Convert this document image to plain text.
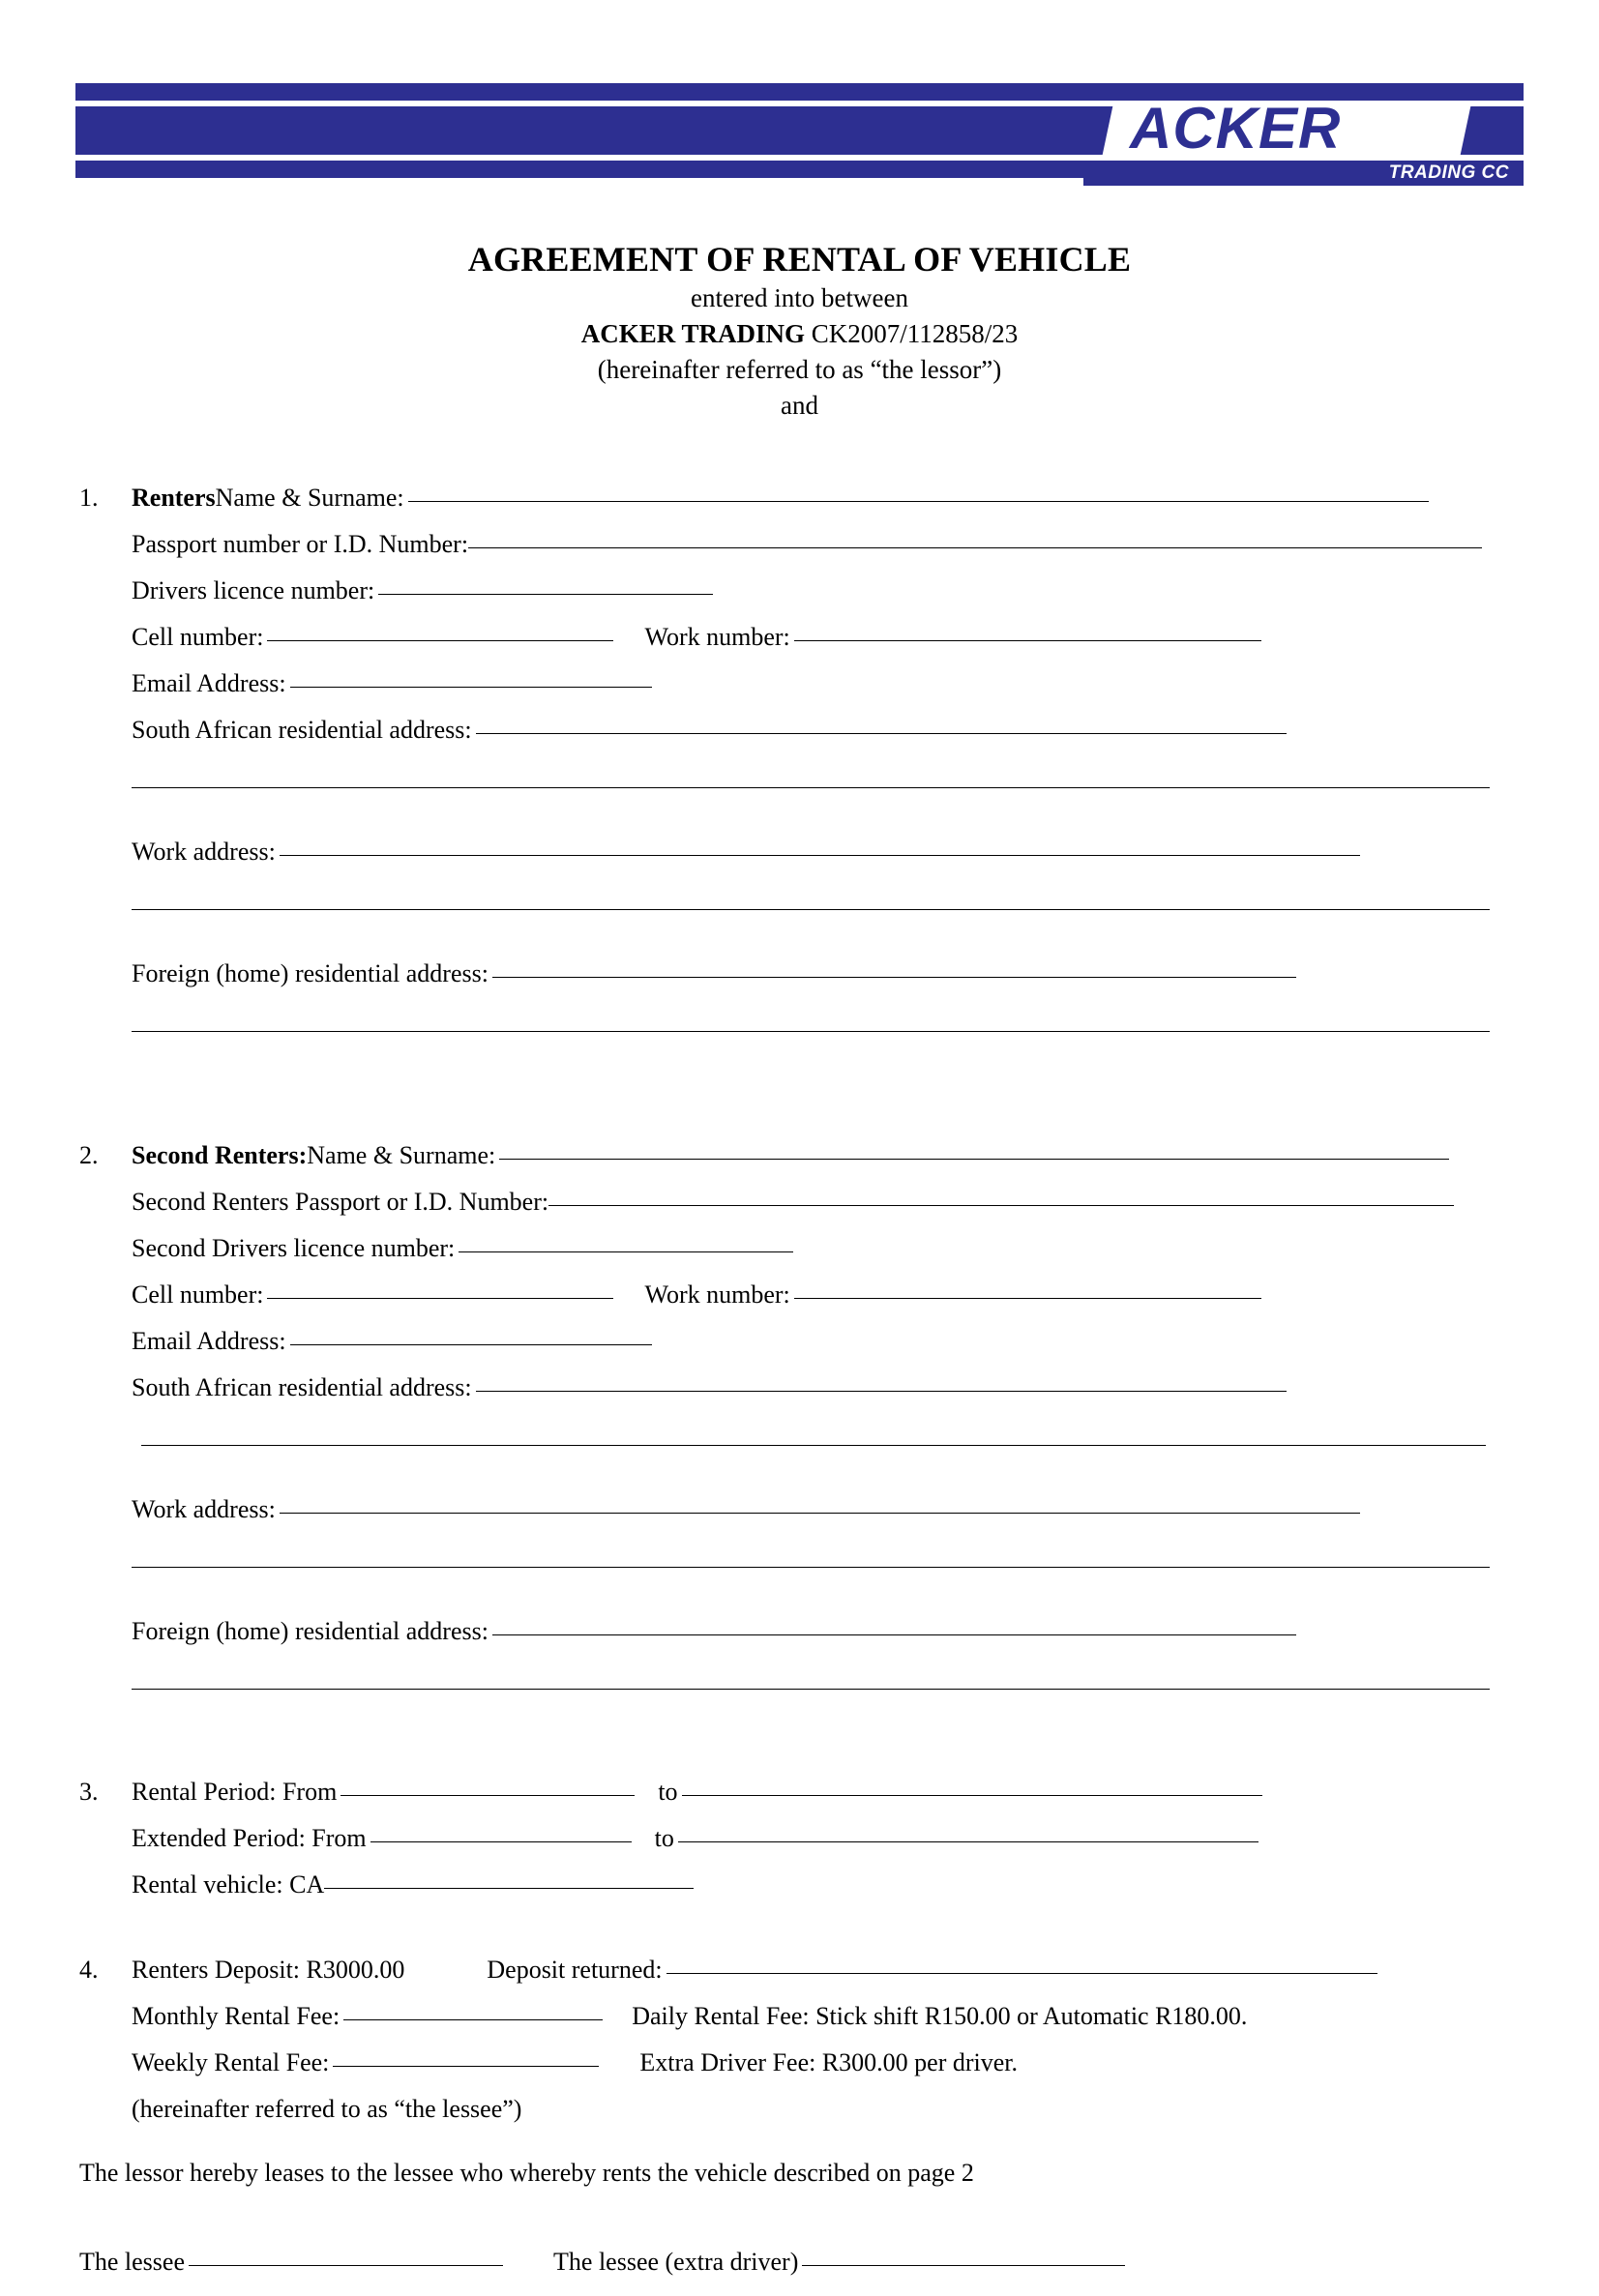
ACKER
TRADING CC
AGREEMENT OF RENTAL OF VEHICLE
entered into between
ACKER TRADING CK2007/112858/23
(hereinafter referred to as “the lessor”)
and
1.	Renters Name & Surname:
Passport number or I.D. Number:
Drivers licence number:
Cell number:	Work number:
Email Address:
South African residential address:
Work address:
Foreign (home) residential address:
2.	Second Renters: Name & Surname:
Second Renters Passport or I.D. Number:
Second Drivers licence number:
Cell number:	Work number:
Email Address:
South African residential address:
Work address:
Foreign (home) residential address:
3.	Rental Period: From	to
Extended Period: From	to
Rental vehicle: CA
4.	Renters Deposit: R3000.00	Deposit returned:
Monthly Rental Fee:	Daily Rental Fee: Stick shift R150.00 or Automatic R180.00.
Weekly Rental Fee:	Extra Driver Fee: R300.00 per driver.
(hereinafter referred to as “the lessee”)
The lessor hereby leases to the lessee who whereby rents the vehicle described on page 2
The lessee	The lessee (extra driver)
